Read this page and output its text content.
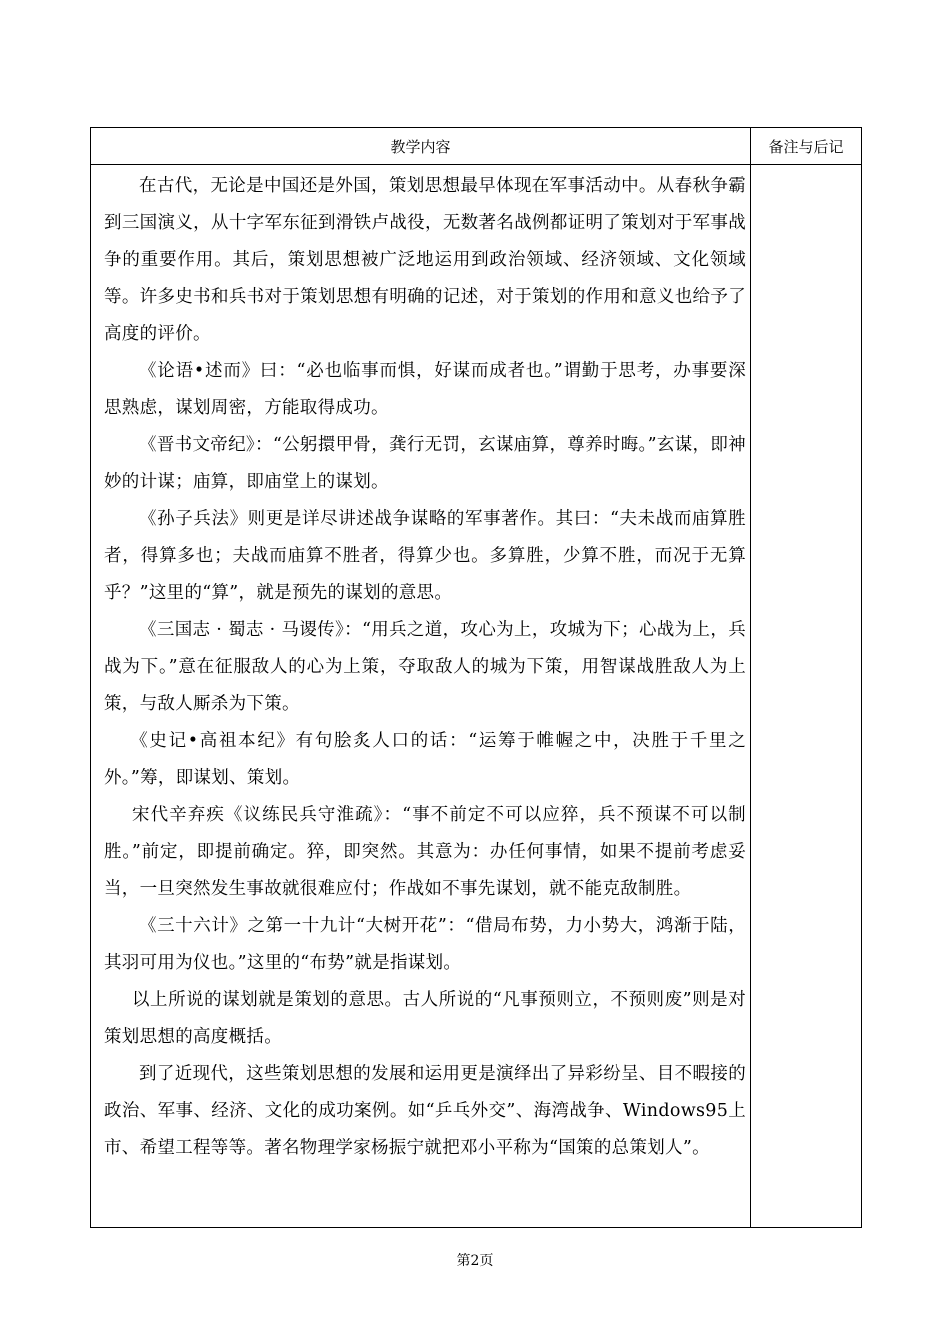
教学内容	备注与后记

在古代，无论是中国还是外国，策划思想最早体现在军事活动中。从春秋争霸到三国演义，从十字军东征到滑铁卢战役，无数著名战例都证明了策划对于军事战争的重要作用。其后，策划思想被广泛地运用到政治领域、经济领域、文化领域等。许多史书和兵书对于策划思想有明确的记述，对于策划的作用和意义也给予了高度的评价。

《论语•述而》曰：“必也临事而惧，好谋而成者也。”谓勤于思考，办事要深思熟虑，谋划周密，方能取得成功。

《晋书文帝纪》：“公躬擐甲骨，龚行无罚，玄谋庙算，尊养时晦。”玄谋，即神妙的计谋；庙算，即庙堂上的谋划。

《孙子兵法》则更是详尽讲述战争谋略的军事著作。其曰：“夫未战而庙算胜者，得算多也；夫战而庙算不胜者，得算少也。多算胜，少算不胜，而况于无算乎？”这里的“算”，就是预先的谋划的意思。

《三国志 · 蜀志 · 马谡传》：“用兵之道，攻心为上，攻城为下；心战为上，兵战为下。”意在征服敌人的心为上策，夺取敌人的城为下策，用智谋战胜敌人为上策，与敌人厮杀为下策。

《史记•高祖本纪》有句脍炙人口的话：“运筹于帷幄之中，决胜于千里之外。”筹，即谋划、策划。

宋代辛弃疾《议练民兵守淮疏》：“事不前定不可以应猝，兵不预谋不可以制胜。”前定，即提前确定。猝，即突然。其意为：办任何事情，如果不提前考虑妥当，一旦突然发生事故就很难应付；作战如不事先谋划，就不能克敌制胜。

《三十六计》之第一十九计“大树开花”：“借局布势，力小势大，鸿渐于陆，其羽可用为仪也。”这里的“布势”就是指谋划。

以上所说的谋划就是策划的意思。古人所说的“凡事预则立，不预则废”则是对策划思想的高度概括。

到了近现代，这些策划思想的发展和运用更是演绎出了异彩纷呈、目不暇接的政治、军事、经济、文化的成功案例。如“乒乓外交”、海湾战争、Windows95上市、希望工程等等。著名物理学家杨振宁就把邓小平称为“国策的总策划人”。

第2页
